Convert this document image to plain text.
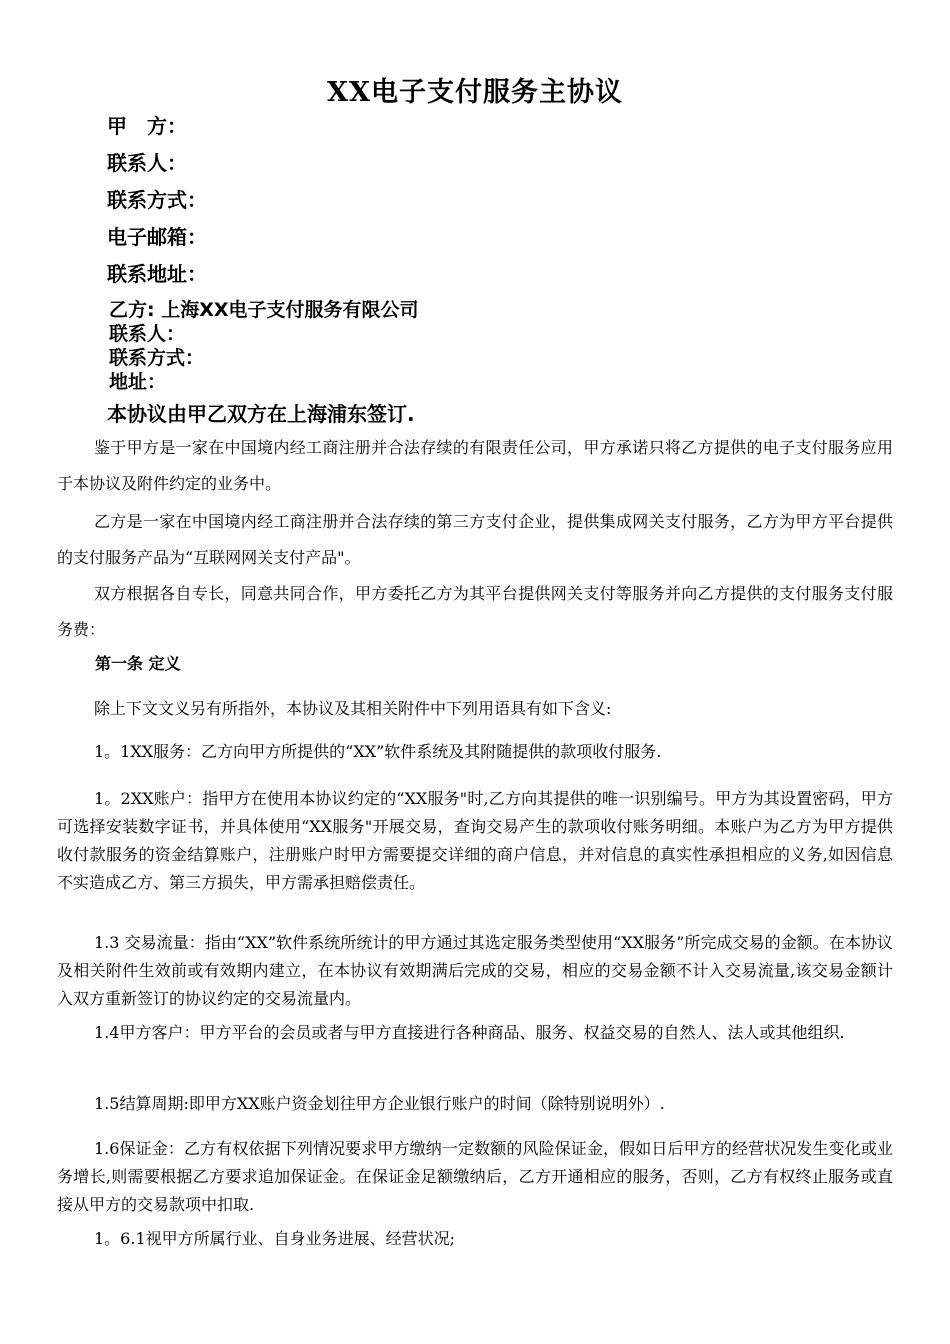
XX电子支付服务主协议
甲　方：
联系人：
联系方式：
电子邮箱：
联系地址：
乙方: 上海XX电子支付服务有限公司
联系人：
联系方式：
地址：
本协议由甲乙双方在上海浦东签订.

鉴于甲方是一家在中国境内经工商注册并合法存续的有限责任公司，甲方承诺只将乙方提供的电子支付服务应用于本协议及附件约定的业务中。

乙方是一家在中国境内经工商注册并合法存续的第三方支付企业，提供集成网关支付服务，乙方为甲方平台提供的支付服务产品为“互联网网关支付产品"。

双方根据各自专长，同意共同合作，甲方委托乙方为其平台提供网关支付等服务并向乙方提供的支付服务支付服务费：

第一条 定义

除上下文文义另有所指外，本协议及其相关附件中下列用语具有如下含义:

1。1XX服务：乙方向甲方所提供的“XX”软件系统及其附随提供的款项收付服务.

1。2XX账户：指甲方在使用本协议约定的“XX服务"时,乙方向其提供的唯一识别编号。甲方为其设置密码，甲方可选择安装数字证书，并具体使用“XX服务"开展交易，查询交易产生的款项收付账务明细。本账户为乙方为甲方提供收付款服务的资金结算账户，注册账户时甲方需要提交详细的商户信息，并对信息的真实性承担相应的义务,如因信息不实造成乙方、第三方损失，甲方需承担赔偿责任。

1.3 交易流量：指由“XX”软件系统所统计的甲方通过其选定服务类型使用“XX服务”所完成交易的金额。在本协议及相关附件生效前或有效期内建立，在本协议有效期满后完成的交易，相应的交易金额不计入交易流量,该交易金额计入双方重新签订的协议约定的交易流量内。

1.4甲方客户：甲方平台的会员或者与甲方直接进行各种商品、服务、权益交易的自然人、法人或其他组织.

1.5结算周期:即甲方XX账户资金划往甲方企业银行账户的时间（除特别说明外）.

1.6保证金：乙方有权依据下列情况要求甲方缴纳一定数额的风险保证金，假如日后甲方的经营状况发生变化或业务增长,则需要根据乙方要求追加保证金。在保证金足额缴纳后，乙方开通相应的服务，否则，乙方有权终止服务或直接从甲方的交易款项中扣取.

1。6.1视甲方所属行业、自身业务进展、经营状况;
